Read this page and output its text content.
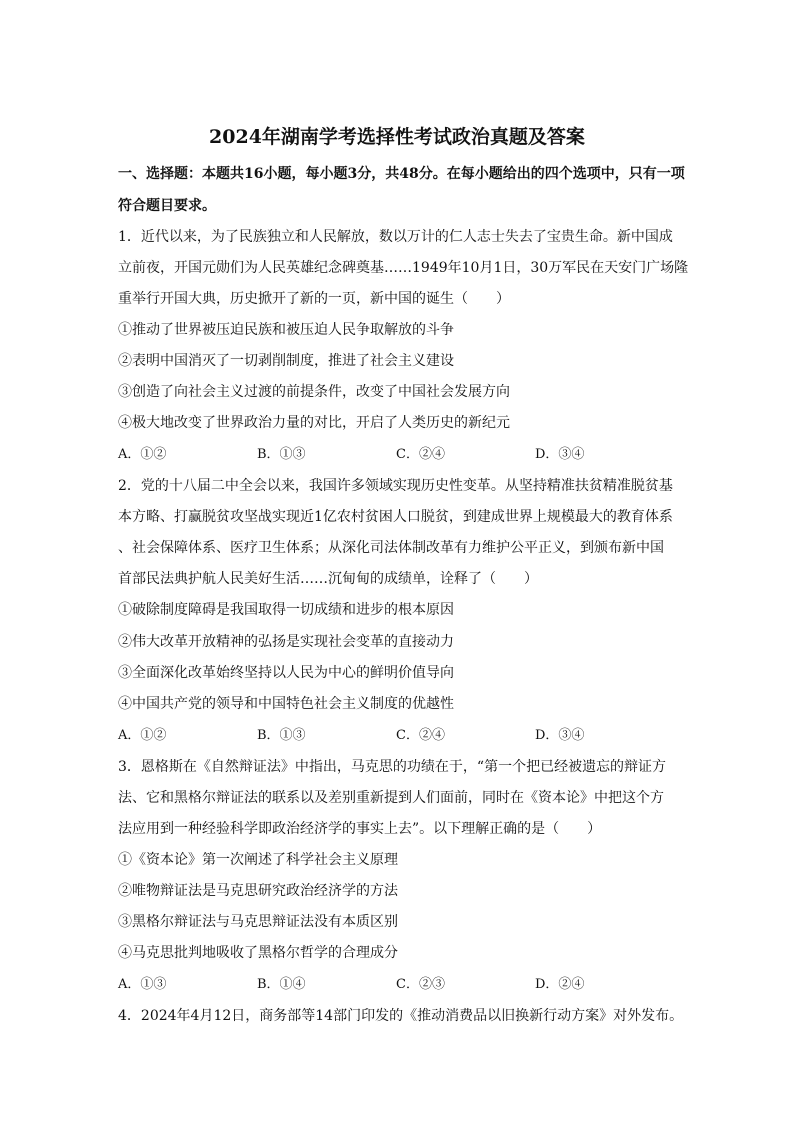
2024年湖南学考选择性考试政治真题及答案
一、选择题：本题共16小题，每小题3分，共48分。在每小题给出的四个选项中，只有一项
符合题目要求。
1．近代以来，为了民族独立和人民解放，数以万计的仁人志士失去了宝贵生命。新中国成
立前夜，开国元勋们为人民英雄纪念碑奠基……1949年10月1日，30万军民在天安门广场隆
重举行开国大典，历史掀开了新的一页，新中国的诞生（　　）
①推动了世界被压迫民族和被压迫人民争取解放的斗争
②表明中国消灭了一切剥削制度，推进了社会主义建设
③创造了向社会主义过渡的前提条件，改变了中国社会发展方向
④极大地改变了世界政治力量的对比，开启了人类历史的新纪元
A．①②	B．①③	C．②④	D．③④
2．党的十八届二中全会以来，我国许多领域实现历史性变革。从坚持精准扶贫精准脱贫基
本方略、打赢脱贫攻坚战实现近1亿农村贫困人口脱贫，到建成世界上规模最大的教育体系
、社会保障体系、医疗卫生体系；从深化司法体制改革有力维护公平正义，到颁布新中国
首部民法典护航人民美好生活……沉甸甸的成绩单，诠释了（　　）
①破除制度障碍是我国取得一切成绩和进步的根本原因
②伟大改革开放精神的弘扬是实现社会变革的直接动力
③全面深化改革始终坚持以人民为中心的鲜明价值导向
④中国共产党的领导和中国特色社会主义制度的优越性
A．①②	B．①③	C．②④	D．③④
3．恩格斯在《自然辩证法》中指出，马克思的功绩在于，“第一个把已经被遗忘的辩证方
法、它和黑格尔辩证法的联系以及差别重新提到人们面前，同时在《资本论》中把这个方
法应用到一种经验科学即政治经济学的事实上去”。以下理解正确的是（　　）
①《资本论》第一次阐述了科学社会主义原理
②唯物辩证法是马克思研究政治经济学的方法
③黑格尔辩证法与马克思辩证法没有本质区别
④马克思批判地吸收了黑格尔哲学的合理成分
A．①③	B．①④	C．②③	D．②④
4．2024年4月12日，商务部等14部门印发的《推动消费品以旧换新行动方案》对外发布。
